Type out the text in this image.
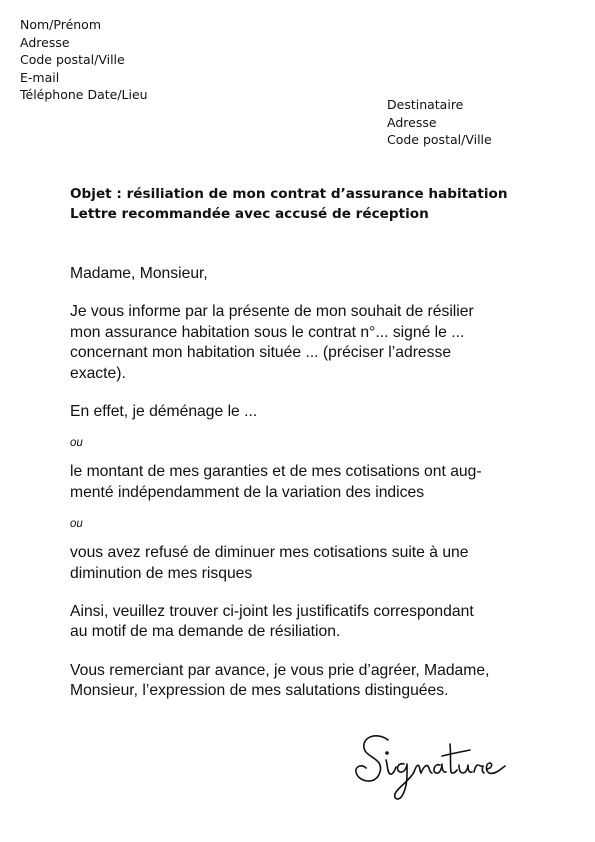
Nom/Prénom
Adresse
Code postal/Ville
E-mail
Téléphone Date/Lieu
Destinataire
Adresse
Code postal/Ville
Objet : résiliation de mon contrat d’assurance habitation
Lettre recommandée avec accusé de réception

Madame, Monsieur,

Je vous informe par la présente de mon souhait de résilier
mon assurance habitation sous le contrat n°... signé le ...
concernant mon habitation située ... (préciser l’adresse
exacte).

En effet, je déménage le ...

ou

le montant de mes garanties et de mes cotisations ont aug-
menté indépendamment de la variation des indices

ou

vous avez refusé de diminuer mes cotisations suite à une
diminution de mes risques

Ainsi, veuillez trouver ci-joint les justificatifs correspondant
au motif de ma demande de résiliation.

Vous remerciant par avance, je vous prie d’agréer, Madame,
Monsieur, l’expression de mes salutations distinguées.
